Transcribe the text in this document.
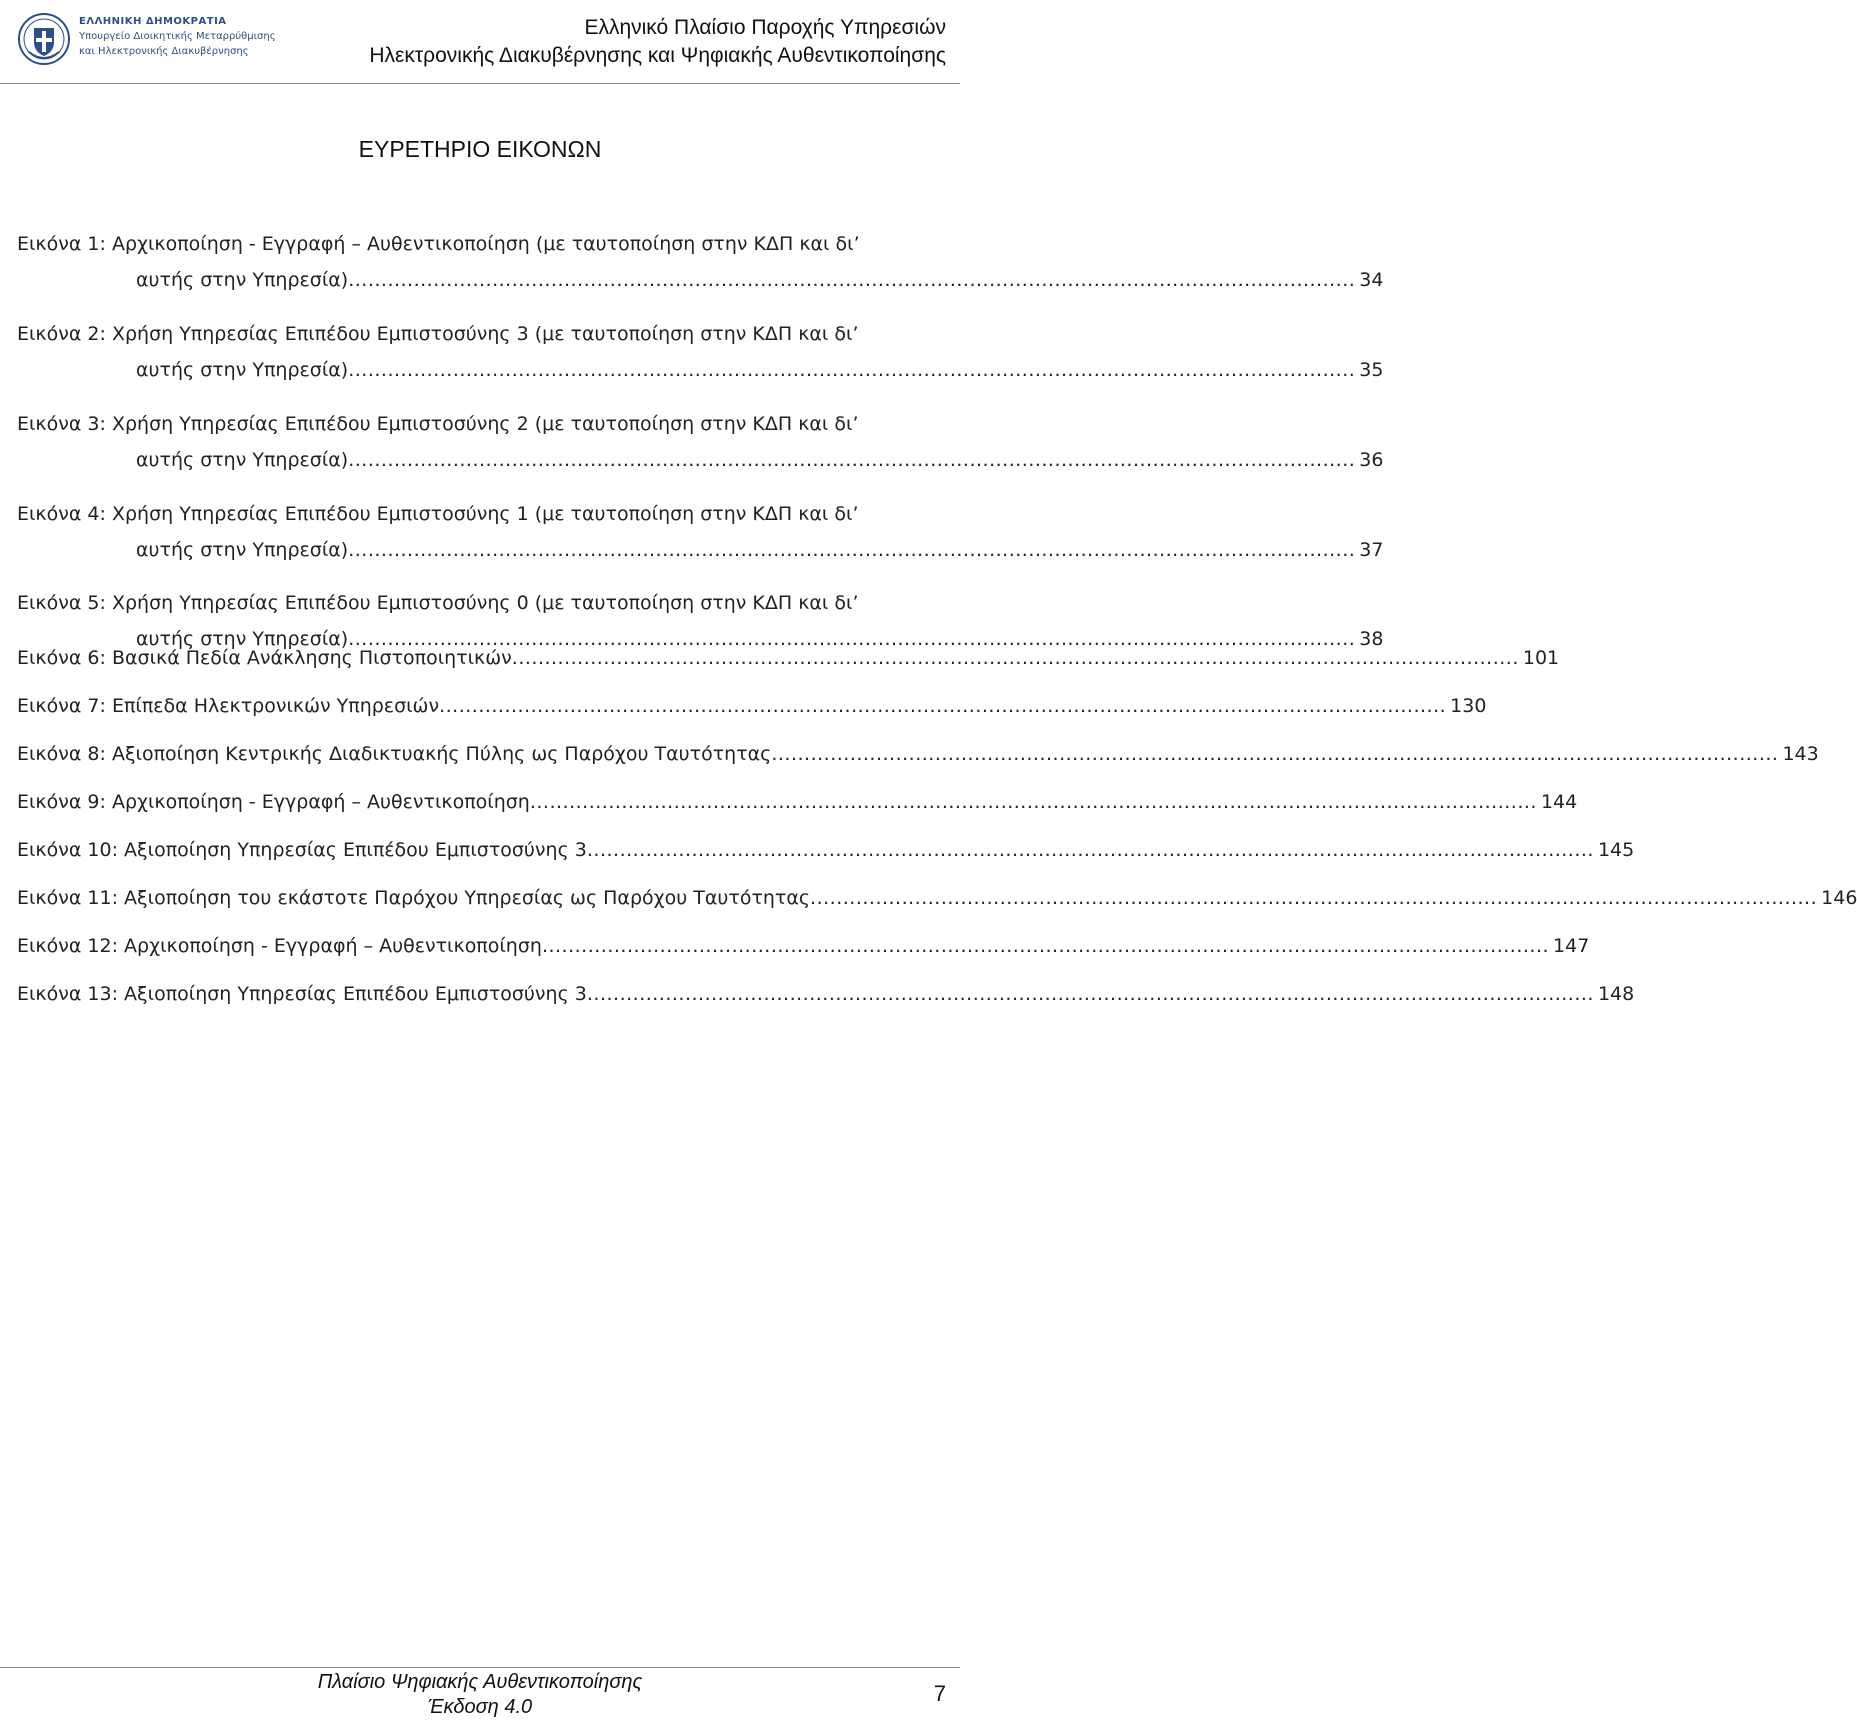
ΕΛΛΗΝΙΚΗ ΔΗΜΟΚΡΑΤΙΑ
Υπουργείο Διοικητικής Μεταρρύθμισης
και Ηλεκτρονικής Διακυβέρνησης
Ελληνικό Πλαίσιο Παροχής Υπηρεσιών
Ηλεκτρονικής Διακυβέρνησης και Ψηφιακής Αυθεντικοποίησης
ΕΥΡΕΤΗΡΙΟ ΕΙΚΟΝΩΝ
Εικόνα 1: Αρχικοποίηση - Εγγραφή – Αυθεντικοποίηση (με ταυτοποίηση στην ΚΔΠ και δι’
αυτής στην Υπηρεσία) .......................................................................................................................................................... 34
Εικόνα 2: Χρήση Υπηρεσίας Επιπέδου Εμπιστοσύνης 3 (με ταυτοποίηση στην ΚΔΠ και δι’
αυτής στην Υπηρεσία) .......................................................................................................................................................... 35
Εικόνα 3: Χρήση Υπηρεσίας Επιπέδου Εμπιστοσύνης 2 (με ταυτοποίηση στην ΚΔΠ και δι’
αυτής στην Υπηρεσία) .......................................................................................................................................................... 36
Εικόνα 4: Χρήση Υπηρεσίας Επιπέδου Εμπιστοσύνης 1 (με ταυτοποίηση στην ΚΔΠ και δι’
αυτής στην Υπηρεσία) .......................................................................................................................................................... 37
Εικόνα 5: Χρήση Υπηρεσίας Επιπέδου Εμπιστοσύνης 0 (με ταυτοποίηση στην ΚΔΠ και δι’
αυτής στην Υπηρεσία) .......................................................................................................................................................... 38
Εικόνα 6: Βασικά Πεδία Ανάκλησης Πιστοποιητικών .......................................................................................................................................................... 101
Εικόνα 7: Επίπεδα Ηλεκτρονικών Υπηρεσιών .......................................................................................................................................................... 130
Εικόνα 8: Αξιοποίηση Κεντρικής Διαδικτυακής Πύλης ως Παρόχου Ταυτότητας .......................................................................................................................................................... 143
Εικόνα 9: Αρχικοποίηση - Εγγραφή – Αυθεντικοποίηση .......................................................................................................................................................... 144
Εικόνα 10: Αξιοποίηση Υπηρεσίας Επιπέδου Εμπιστοσύνης 3 .......................................................................................................................................................... 145
Εικόνα 11: Αξιοποίηση του εκάστοτε Παρόχου Υπηρεσίας ως Παρόχου Ταυτότητας .......................................................................................................................................................... 146
Εικόνα 12: Αρχικοποίηση - Εγγραφή – Αυθεντικοποίηση .......................................................................................................................................................... 147
Εικόνα 13: Αξιοποίηση Υπηρεσίας Επιπέδου Εμπιστοσύνης 3 .......................................................................................................................................................... 148
Πλαίσιο Ψηφιακής Αυθεντικοποίησης
Έκδοση 4.0
7
